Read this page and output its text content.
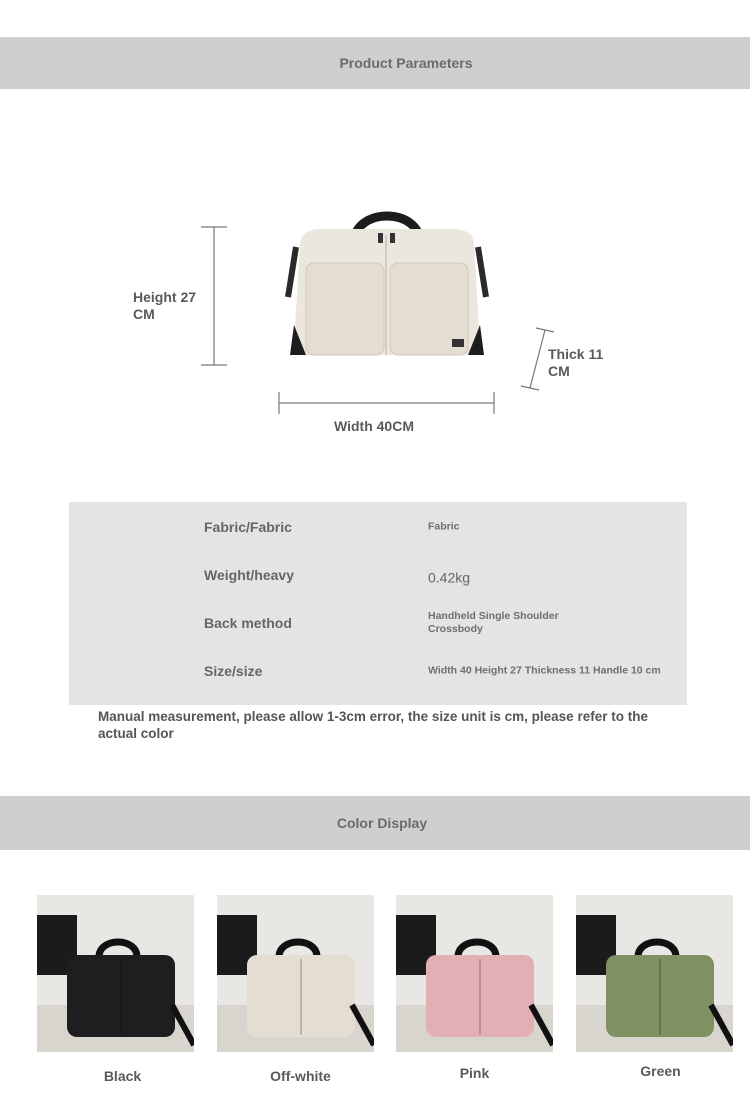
Product Parameters
Height 27
CM
Thick 11
CM
Width 40CM
Fabric/Fabric	Fabric
Weight/heavy	0.42kg
Back method	Handheld Single Shoulder Crossbody
Size/size	Width 40 Height 27 Thickness 11 Handle 10 cm
Manual measurement, please allow 1-3cm error, the size unit is cm, please refer to the actual color
Color Display
Black	Off-white	Pink	Green
